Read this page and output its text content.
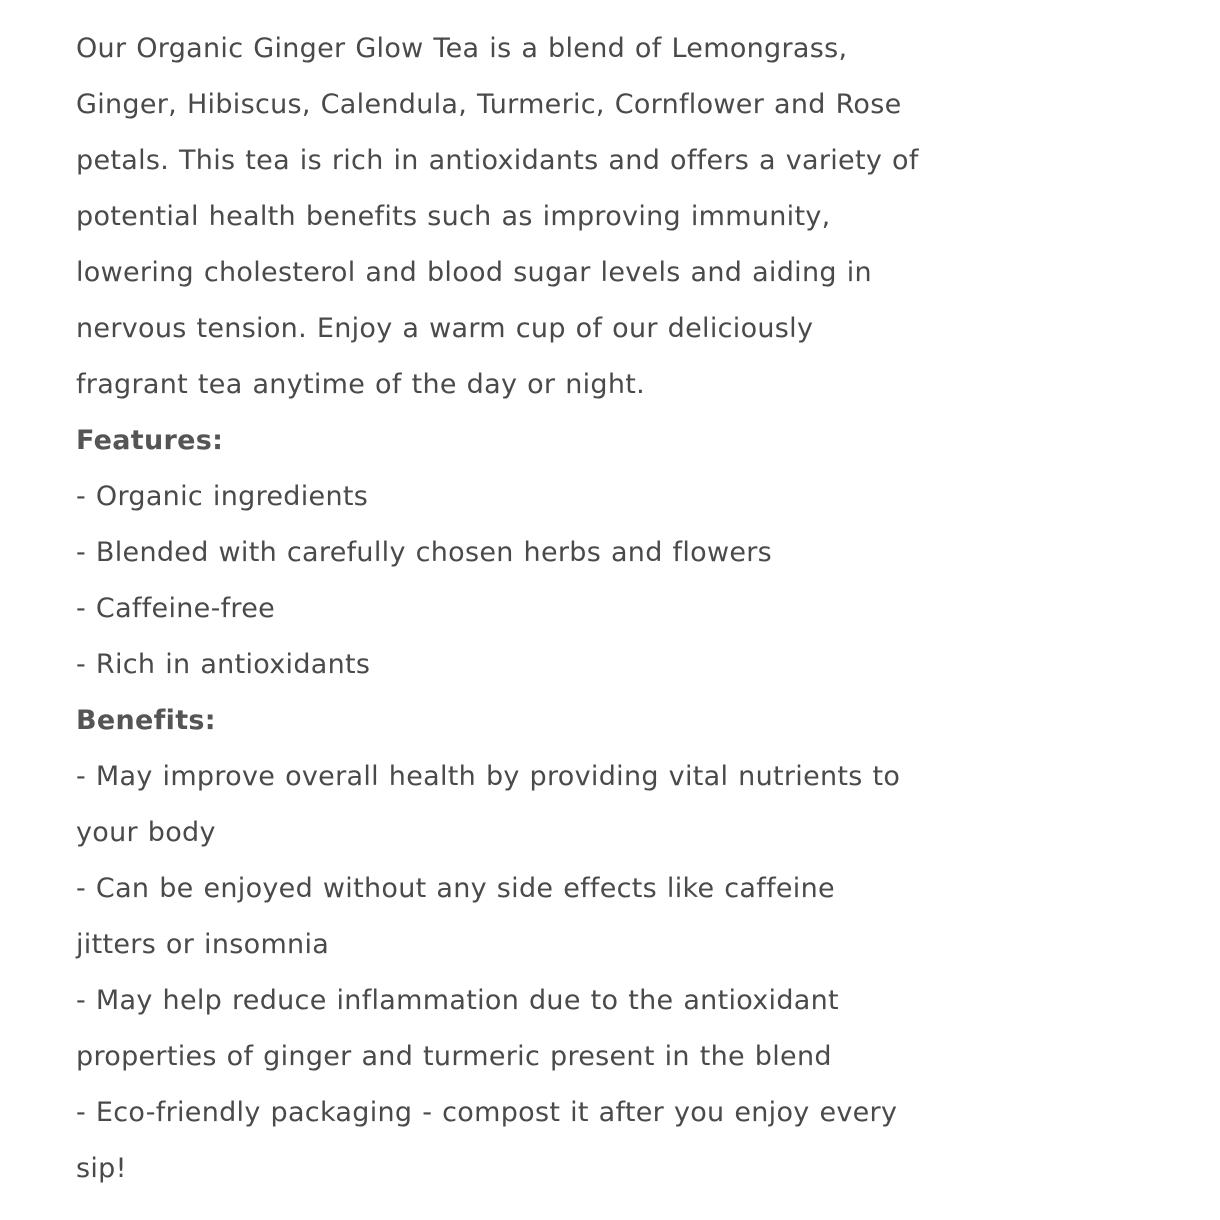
Our Organic Ginger Glow Tea is a blend of Lemongrass,
Ginger, Hibiscus, Calendula, Turmeric, Cornflower and Rose
petals. This tea is rich in antioxidants and offers a variety of
potential health benefits such as improving immunity,
lowering cholesterol and blood sugar levels and aiding in
nervous tension. Enjoy a warm cup of our deliciously
fragrant tea anytime of the day or night.

Features:

- Organic ingredients
- Blended with carefully chosen herbs and flowers
- Caffeine-free
- Rich in antioxidants

Benefits:

- May improve overall health by providing vital nutrients to
your body
- Can be enjoyed without any side effects like caffeine
jitters or insomnia
- May help reduce inflammation due to the antioxidant
properties of ginger and turmeric present in the blend
- Eco-friendly packaging - compost it after you enjoy every
sip!
